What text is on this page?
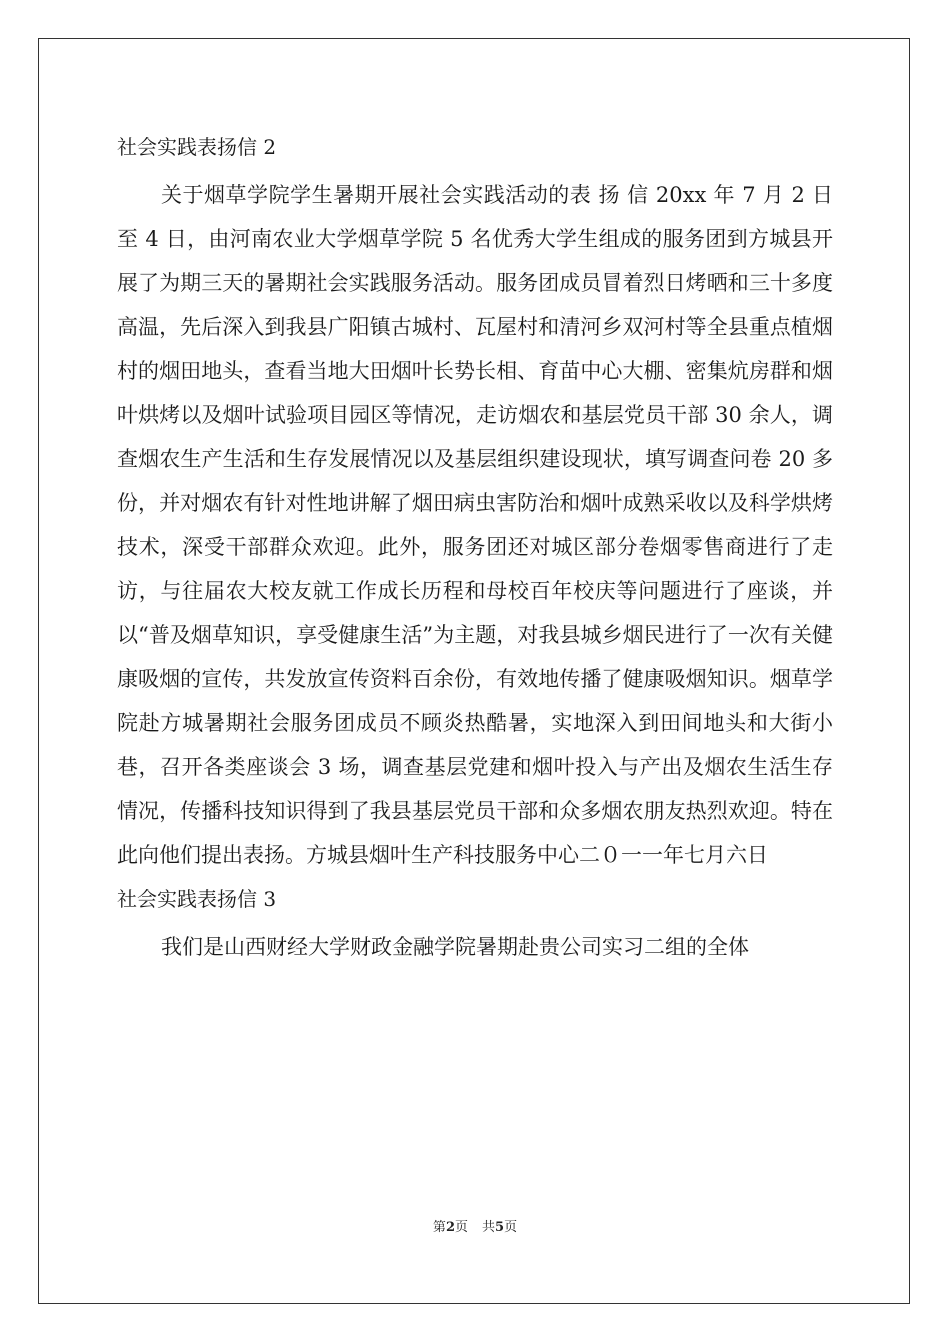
社会实践表扬信 2

关于烟草学院学生暑期开展社会实践活动的表 扬 信 20xx 年 7 月 2 日至 4 日，由河南农业大学烟草学院 5 名优秀大学生组成的服务团到方城县开展了为期三天的暑期社会实践服务活动。服务团成员冒着烈日烤晒和三十多度高温，先后深入到我县广阳镇古城村、瓦屋村和清河乡双河村等全县重点植烟村的烟田地头，查看当地大田烟叶长势长相、育苗中心大棚、密集炕房群和烟叶烘烤以及烟叶试验项目园区等情况，走访烟农和基层党员干部 30 余人，调查烟农生产生活和生存发展情况以及基层组织建设现状，填写调查问卷 20 多份，并对烟农有针对性地讲解了烟田病虫害防治和烟叶成熟采收以及科学烘烤技术，深受干部群众欢迎。此外，服务团还对城区部分卷烟零售商进行了走访，与往届农大校友就工作成长历程和母校百年校庆等问题进行了座谈，并以“普及烟草知识，享受健康生活”为主题，对我县城乡烟民进行了一次有关健康吸烟的宣传，共发放宣传资料百余份，有效地传播了健康吸烟知识。烟草学院赴方城暑期社会服务团成员不顾炎热酷暑，实地深入到田间地头和大街小巷，召开各类座谈会 3 场，调查基层党建和烟叶投入与产出及烟农生活生存情况，传播科技知识得到了我县基层党员干部和众多烟农朋友热烈欢迎。特在此向他们提出表扬。方城县烟叶生产科技服务中心二０一一年七月六日

社会实践表扬信 3

我们是山西财经大学财政金融学院暑期赴贵公司实习二组的全体

第2页 共5页
